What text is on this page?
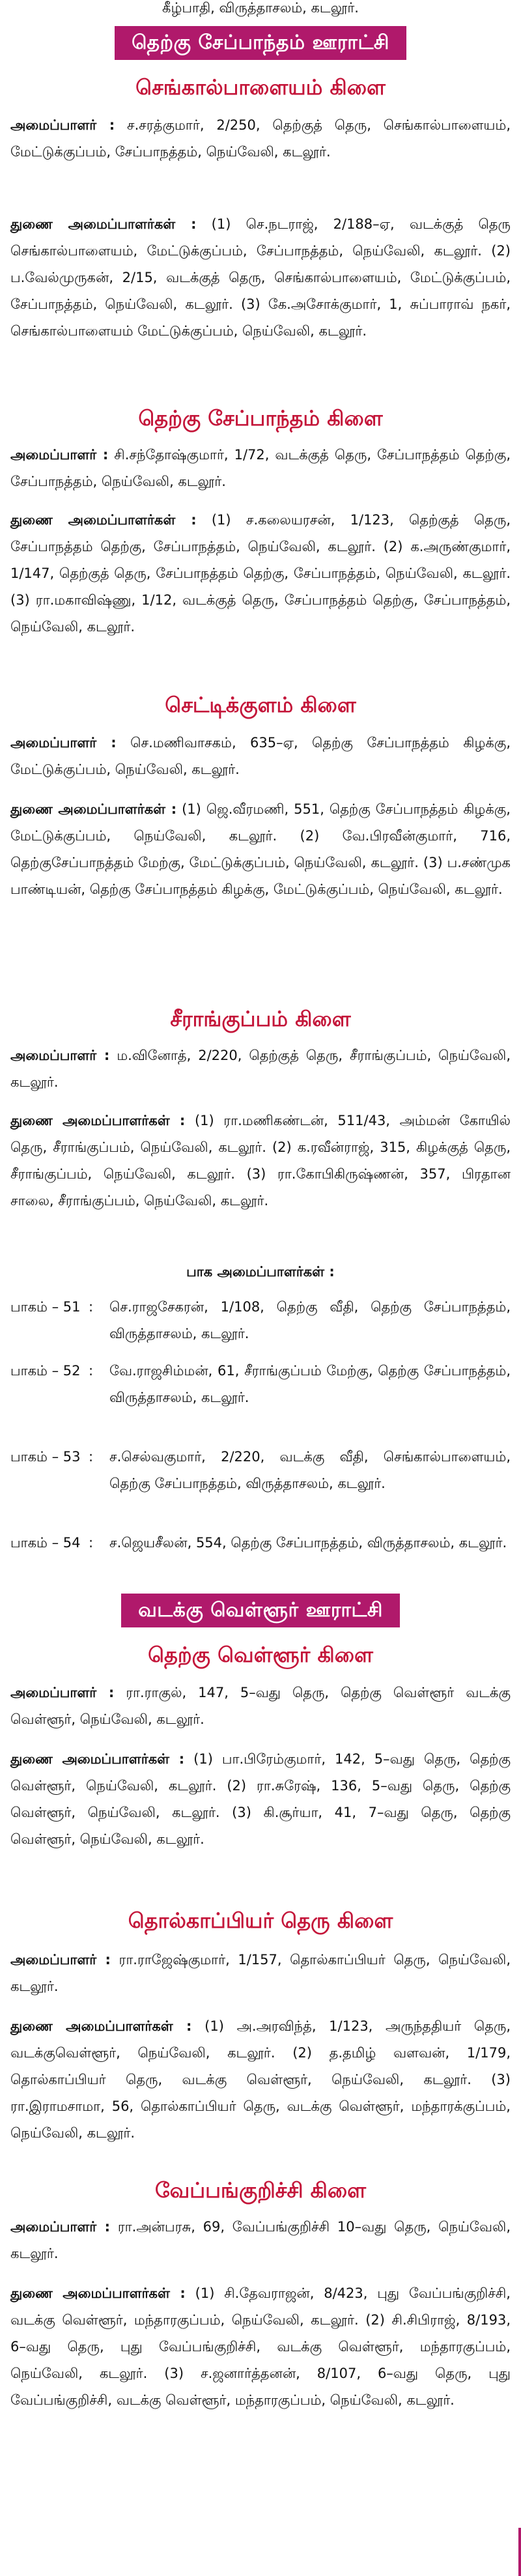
கீழ்பாதி, விருத்தாசலம், கடலூர்.
தெற்கு சேப்பாந்தம் ஊராட்சி
செங்கால்பாளையம் கிளை
அமைப்பாளர் : ச.சரத்குமார், 2/250, தெற்குத் தெரு, செங்கால்பாளையம், மேட்டுக்குப்பம், சேப்பாநத்தம், நெய்வேலி, கடலூர்.
துணை அமைப்பாளர்கள் : (1) செ.நடராஜ், 2/188–ஏ, வடக்குத் தெரு செங்கால்பாளையம், மேட்டுக்குப்பம், சேப்பாநத்தம், நெய்வேலி, கடலூர். (2) ப.வேல்முருகன், 2/15, வடக்குத் தெரு, செங்கால்பாளையம், மேட்டுக்குப்பம், சேப்பாநத்தம், நெய்வேலி, கடலூர். (3) கே.அசோக்குமார், 1, சுப்பாராவ் நகர், செங்கால்பாளையம் மேட்டுக்குப்பம், நெய்வேலி, கடலூர்.
தெற்கு சேப்பாந்தம் கிளை
அமைப்பாளர் : சி.சந்தோஷ்குமார், 1/72, வடக்குத் தெரு, சேப்பாநத்தம் தெற்கு, சேப்பாநத்தம், நெய்வேலி, கடலூர்.
துணை அமைப்பாளர்கள் : (1) ச.கலையரசன், 1/123, தெற்குத் தெரு, சேப்பாநத்தம் தெற்கு, சேப்பாநத்தம், நெய்வேலி, கடலூர். (2) க.அருண்குமார், 1/147, தெற்குத் தெரு, சேப்பாநத்தம் தெற்கு, சேப்பாநத்தம், நெய்வேலி, கடலூர். (3) ரா.மகாவிஷ்ணு, 1/12, வடக்குத் தெரு, சேப்பாநத்தம் தெற்கு, சேப்பாநத்தம், நெய்வேலி, கடலூர்.
செட்டிக்குளம் கிளை
அமைப்பாளர் : செ.மணிவாசகம், 635–ஏ, தெற்கு சேப்பாநத்தம் கிழக்கு, மேட்டுக்குப்பம், நெய்வேலி, கடலூர்.
துணை அமைப்பாளர்கள் : (1) ஜெ.வீரமணி, 551, தெற்கு சேப்பாநத்தம் கிழக்கு, மேட்டுக்குப்பம், நெய்வேலி, கடலூர். (2) வே.பிரவீன்குமார், 716, தெற்குசேப்பாநத்தம் மேற்கு, மேட்டுக்குப்பம், நெய்வேலி, கடலூர். (3) ப.சண்முக பாண்டியன், தெற்கு சேப்பாநத்தம் கிழக்கு, மேட்டுக்குப்பம், நெய்வேலி, கடலூர்.
சீராங்குப்பம் கிளை
அமைப்பாளர் : ம.வினோத், 2/220, தெற்குத் தெரு, சீராங்குப்பம், நெய்வேலி, கடலூர்.
துணை அமைப்பாளர்கள் : (1) ரா.மணிகண்டன், 511/43, அம்மன் கோயில் தெரு, சீராங்குப்பம், நெய்வேலி, கடலூர். (2) க.ரவீன்ராஜ், 315, கிழக்குத் தெரு, சீராங்குப்பம், நெய்வேலி, கடலூர். (3) ரா.கோபிகிருஷ்ணன், 357, பிரதான சாலை, சீராங்குப்பம், நெய்வேலி, கடலூர்.
பாக அமைப்பாளர்கள் :
பாகம் – 51 : செ.ராஜசேகரன், 1/108, தெற்கு வீதி, தெற்கு சேப்பாநத்தம், விருத்தாசலம், கடலூர்.
பாகம் – 52 : வே.ராஜசிம்மன், 61, சீராங்குப்பம் மேற்கு, தெற்கு சேப்பாநத்தம், விருத்தாசலம், கடலூர்.
பாகம் – 53 : ச.செல்வகுமார், 2/220, வடக்கு வீதி, செங்கால்பாளையம், தெற்கு சேப்பாநத்தம், விருத்தாசலம், கடலூர்.
பாகம் – 54 : ச.ஜெயசீலன், 554, தெற்கு சேப்பாநத்தம், விருத்தாசலம், கடலூர்.
வடக்கு வெள்ளூர் ஊராட்சி
தெற்கு வெள்ளூர் கிளை
அமைப்பாளர் : ரா.ராகுல், 147, 5–வது தெரு, தெற்கு வெள்ளூர் வடக்கு வெள்ளூர், நெய்வேலி, கடலூர்.
துணை அமைப்பாளர்கள் : (1) பா.பிரேம்குமார், 142, 5–வது தெரு, தெற்கு வெள்ளூர், நெய்வேலி, கடலூர். (2) ரா.சுரேஷ், 136, 5–வது தெரு, தெற்கு வெள்ளூர், நெய்வேலி, கடலூர். (3) கி.சூர்யா, 41, 7–வது தெரு, தெற்கு வெள்ளூர், நெய்வேலி, கடலூர்.
தொல்காப்பியர் தெரு கிளை
அமைப்பாளர் : ரா.ராஜேஷ்குமார், 1/157, தொல்காப்பியர் தெரு, நெய்வேலி, கடலூர்.
துணை அமைப்பாளர்கள் : (1) அ.அரவிந்த், 1/123, அருந்ததியர் தெரு, வடக்குவெள்ளூர், நெய்வேலி, கடலூர். (2) த.தமிழ் வளவன், 1/179, தொல்காப்பியர் தெரு, வடக்கு வெள்ளூர், நெய்வேலி, கடலூர். (3) ரா.இராமசாமா, 56, தொல்காப்பியர் தெரு, வடக்கு வெள்ளூர், மந்தாரக்குப்பம், நெய்வேலி, கடலூர்.
வேப்பங்குறிச்சி கிளை
அமைப்பாளர் : ரா.அன்பரசு, 69, வேப்பங்குறிச்சி 10–வது தெரு, நெய்வேலி, கடலூர்.
துணை அமைப்பாளர்கள் : (1) சி.தேவராஜன், 8/423, புது வேப்பங்குறிச்சி, வடக்கு வெள்ளூர், மந்தாரகுப்பம், நெய்வேலி, கடலூர். (2) சி.சிபிராஜ், 8/193, 6–வது தெரு, புது வேப்பங்குறிச்சி, வடக்கு வெள்ளூர், மந்தாரகுப்பம், நெய்வேலி, கடலூர். (3) ச.ஜனார்த்தனன், 8/107, 6–வது தெரு, புது வேப்பங்குறிச்சி, வடக்கு வெள்ளூர், மந்தாரகுப்பம், நெய்வேலி, கடலூர்.
